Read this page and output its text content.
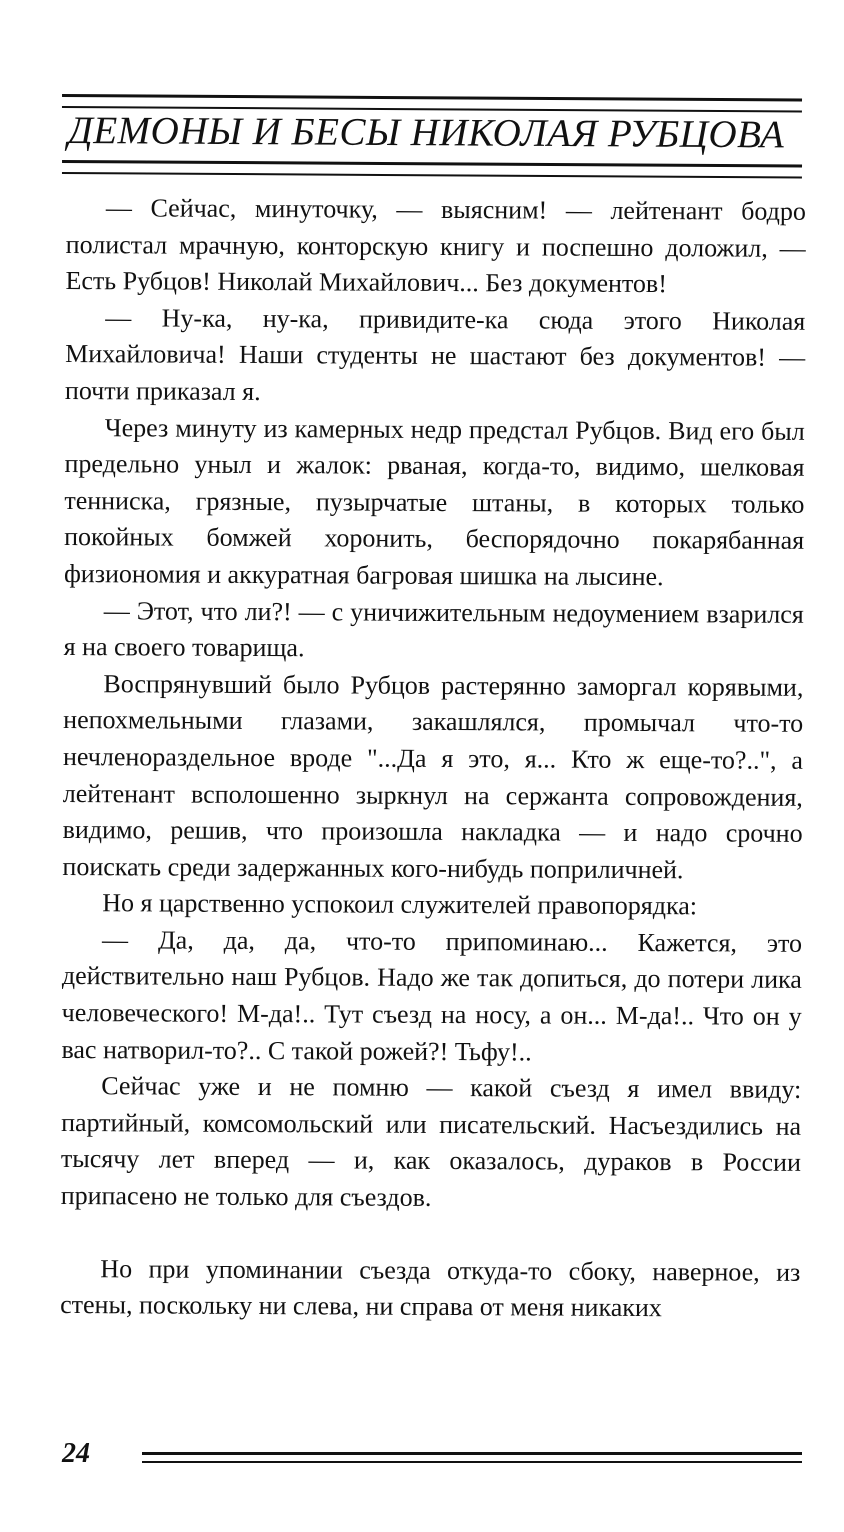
ДЕМОНЫ И БЕСЫ НИКОЛАЯ РУБЦОВА

— Сейчас, минуточку, — выясним! — лейтенант бодро полистал мрачную, конторскую книгу и поспешно доложил, — Есть Рубцов! Николай Михайлович... Без документов!

— Ну-ка, ну-ка, привидите-ка сюда этого Николая Михайловича! Наши студенты не шастают без документов! — почти приказал я.

Через минуту из камерных недр предстал Рубцов. Вид его был предельно уныл и жалок: рваная, когда-то, видимо, шелковая тенниска, грязные, пузырчатые штаны, в которых только покойных бомжей хоронить, беспорядочно покарябанная физиономия и аккуратная багровая шишка на лысине.

— Этот, что ли?! — с уничижительным недоумением взарился я на своего товарища.

Воспрянувший было Рубцов растерянно заморгал корявыми, непохмельными глазами, закашлялся, промычал что-то нечленораздельное вроде "...Да я это, я... Кто ж еще-то?..", а лейтенант всполошенно зыркнул на сержанта сопровождения, видимо, решив, что произошла накладка — и надо срочно поискать среди задержанных кого-нибудь поприличней.

Но я царственно успокоил служителей правопорядка:

— Да, да, да, что-то припоминаю... Кажется, это действительно наш Рубцов. Надо же так допиться, до потери лика человеческого! М-да!.. Тут съезд на носу, а он... М-да!.. Что он у вас натворил-то?.. С такой рожей?! Тьфу!..

Сейчас уже и не помню — какой съезд я имел ввиду: партийный, комсомольский или писательский. Насъездились на тысячу лет вперед — и, как оказалось, дураков в России припасено не только для съездов.

Но при упоминании съезда откуда-то сбоку, наверное, из стены, поскольку ни слева, ни справа от меня никаких

24
